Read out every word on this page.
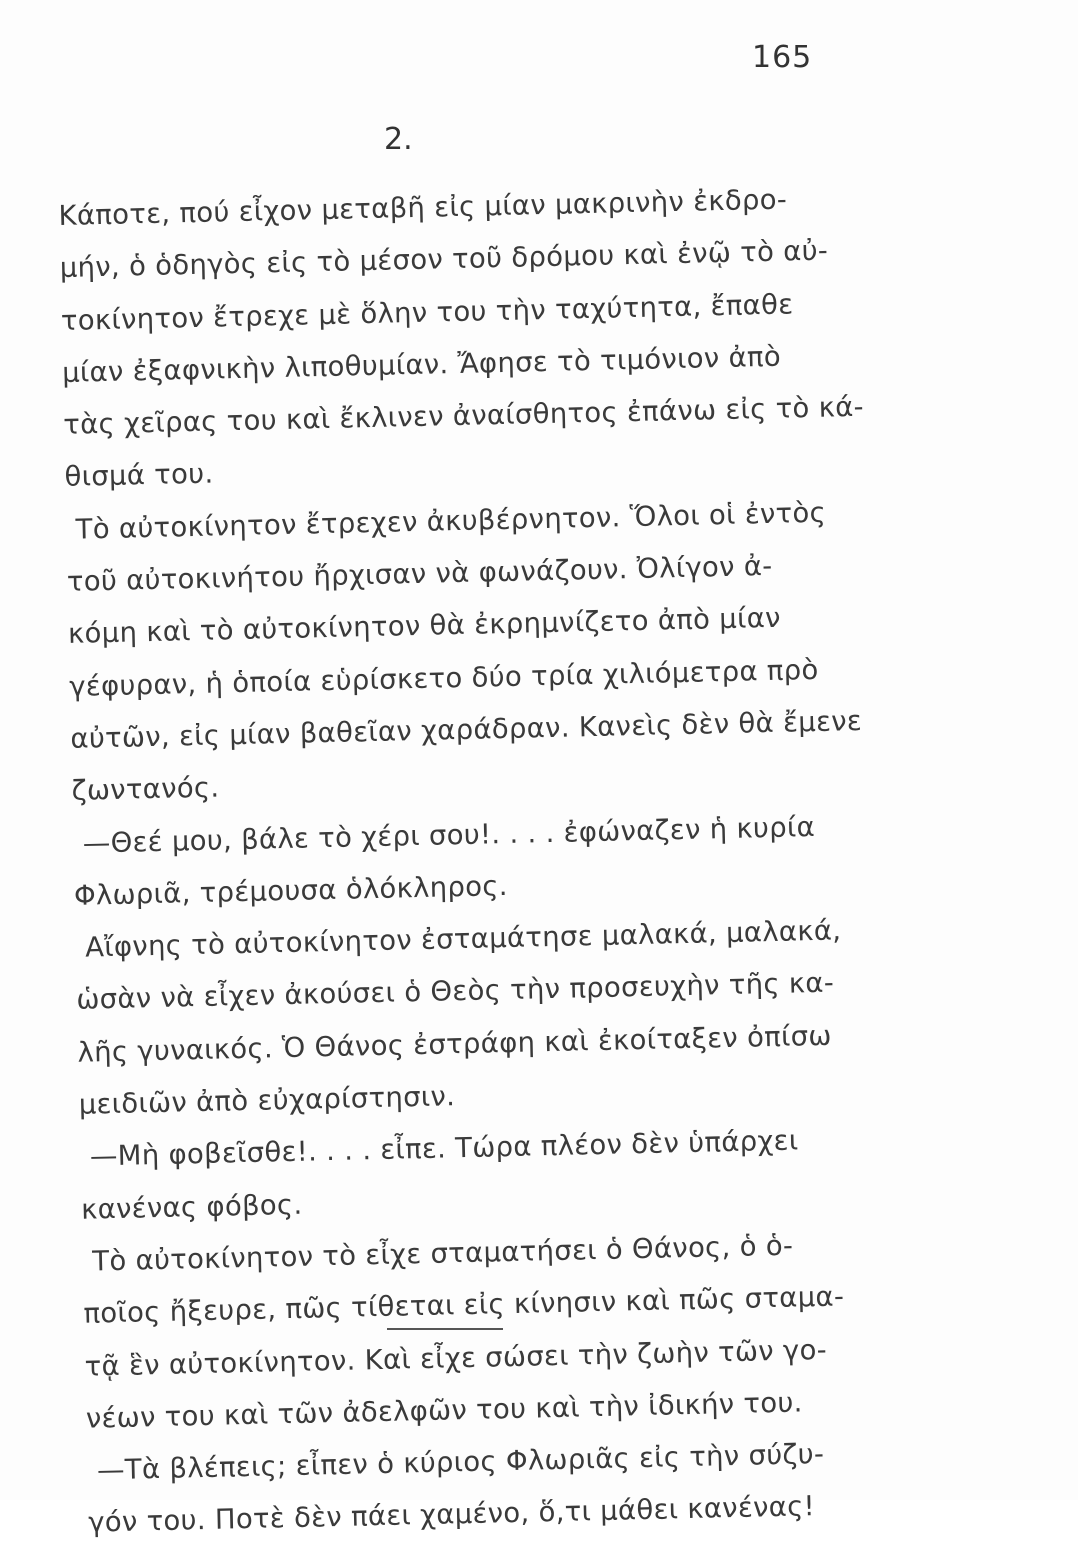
165
2.
Κάποτε, πού εἶχον μεταβῆ εἰς μίαν μακρινὴν ἐκδρο-
μήν, ὁ ὁδηγὸς εἰς τὸ μέσον τοῦ δρόμου καὶ ἐνῷ τὸ αὐ-
τοκίνητον ἔτρεχε μὲ ὅλην του τὴν ταχύτητα, ἔπαθε
μίαν ἐξαφνικὴν λιποθυμίαν. Ἄφησε τὸ τιμόνιον ἀπὸ
τὰς χεῖρας του καὶ ἔκλινεν ἀναίσθητος ἐπάνω εἰς τὸ κά-
θισμά του.
Τὸ αὐτοκίνητον ἔτρεχεν ἀκυβέρνητον. Ὅλοι οἱ ἐντὸς
τοῦ αὐτοκινήτου ἤρχισαν νὰ φωνάζουν. Ὀλίγον ἀ-
κόμη καὶ τὸ αὐτοκίνητον θὰ ἐκρημνίζετο ἀπὸ μίαν
γέφυραν, ἡ ὁποία εὑρίσκετο δύο τρία χιλιόμετρα πρὸ
αὐτῶν, εἰς μίαν βαθεῖαν χαράδραν. Κανεὶς δὲν θὰ ἔμενε
ζωντανός.
—Θεέ μου, βάλε τὸ χέρι σου!. . . . ἐφώναζεν ἡ κυρία
Φλωριᾶ, τρέμουσα ὁλόκληρος.
Αἴφνης τὸ αὐτοκίνητον ἐσταμάτησε μαλακά, μαλακά,
ὡσὰν νὰ εἶχεν ἀκούσει ὁ Θεὸς τὴν προσευχὴν τῆς κα-
λῆς γυναικός. Ὁ Θάνος ἐστράφη καὶ ἐκοίταξεν ὀπίσω
μειδιῶν ἀπὸ εὐχαρίστησιν.
—Μὴ φοβεῖσθε!. . . . εἶπε. Τώρα πλέον δὲν ὑπάρχει
κανένας φόβος.
Τὸ αὐτοκίνητον τὸ εἶχε σταματήσει ὁ Θάνος, ὁ ὁ-
ποῖος ἤξευρε, πῶς τίθεται εἰς κίνησιν καὶ πῶς σταμα-
τᾷ ἓν αὐτοκίνητον. Καὶ εἶχε σώσει τὴν ζωὴν τῶν γο-
νέων του καὶ τῶν ἀδελφῶν του καὶ τὴν ἰδικήν του.
—Τὰ βλέπεις; εἶπεν ὁ κύριος Φλωριᾶς εἰς τὴν σύζυ-
γόν του. Ποτὲ δὲν πάει χαμένο, ὅ,τι μάθει κανένας!
